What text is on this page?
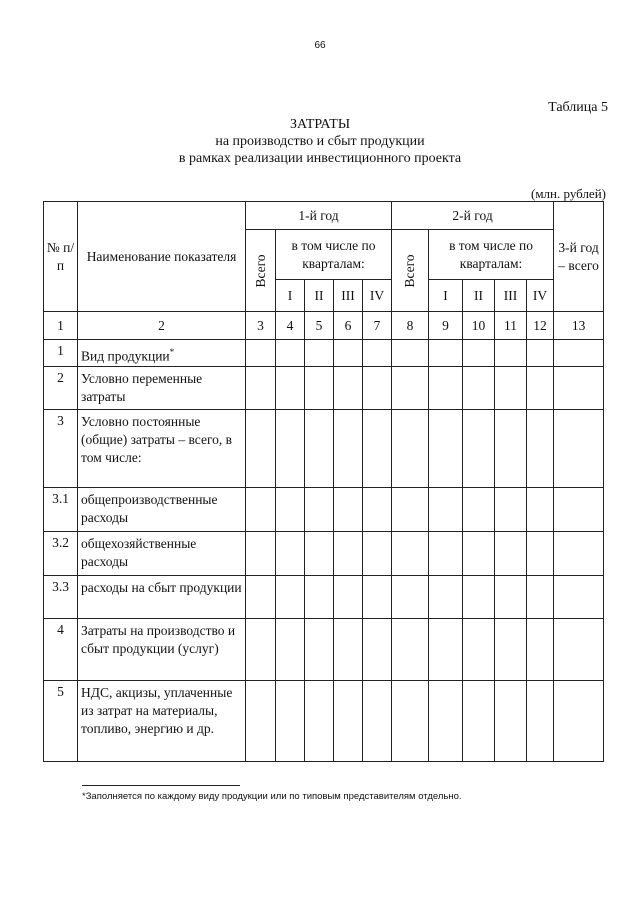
66
Таблица 5
ЗАТРАТЫ
на производство и сбыт продукции
в рамках реализации инвестиционного проекта
(млн. рублей)
№ п/п	Наименование показателя	1-й год					2-й год					3-й год – всего

		Всего	в том числе по кварталам:				Всего	в том числе по кварталам:				
			I	II	III	IV		I	II	III	IV	
1	2	3	4	5	6	7	8	9	10	11	12	13
1	Вид продукции*											
2	Условно переменные затраты											
3	Условно постоянные (общие) затраты – всего, в том числе:											
3.1	общепроизводственные расходы											
3.2	общехозяйственные расходы											
3.3	расходы на сбыт продукции											
4	Затраты на производство и сбыт продукции (услуг)											
5	НДС, акцизы, уплаченные из затрат на материалы, топливо, энергию и др.											
*Заполняется по каждому виду продукции или по типовым представителям отдельно.
